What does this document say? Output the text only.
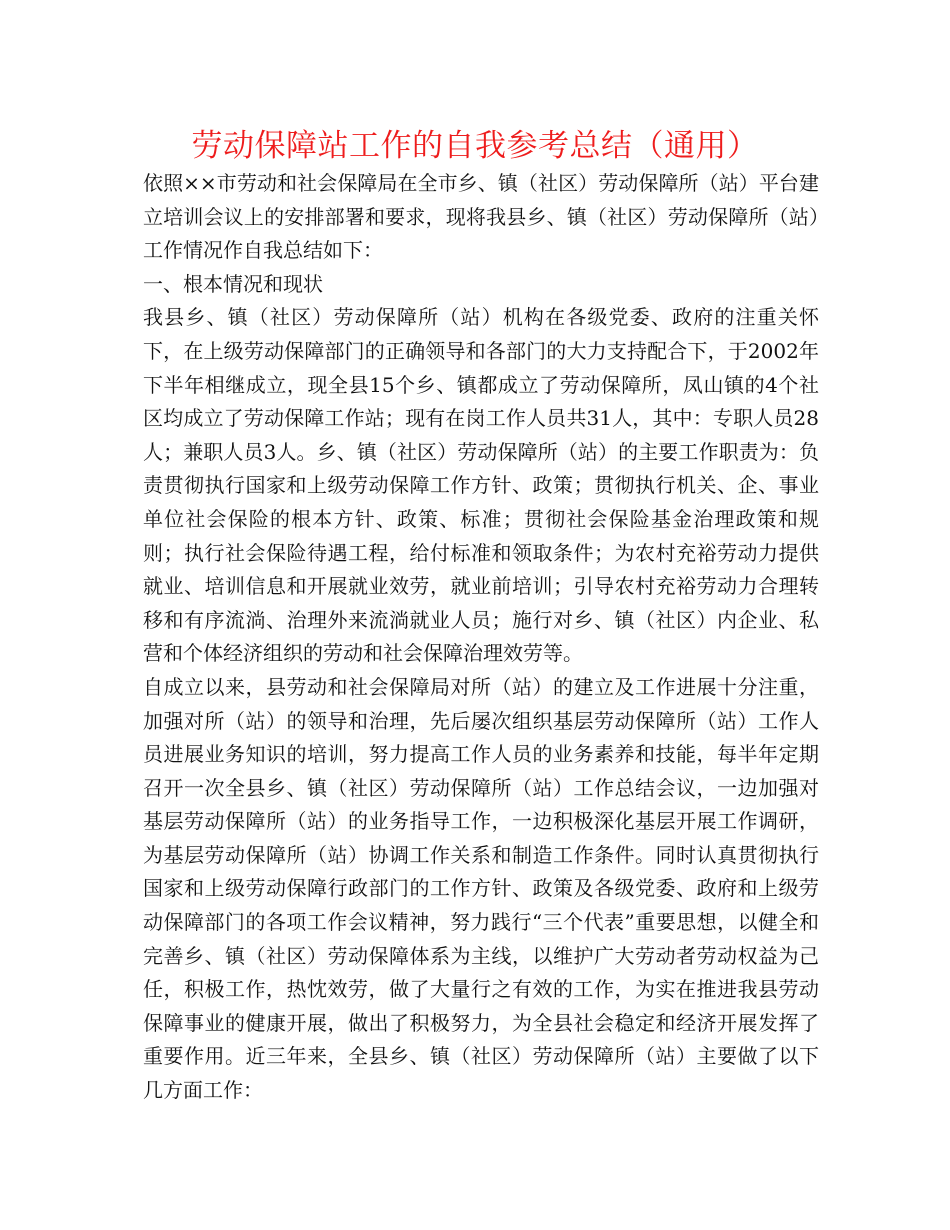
劳动保障站工作的自我参考总结（通用）

依照××市劳动和社会保障局在全市乡、镇（社区）劳动保障所（站）平台建立培训会议上的安排部署和要求，现将我县乡、镇（社区）劳动保障所（站）工作情况作自我总结如下：

一、根本情况和现状

我县乡、镇（社区）劳动保障所（站）机构在各级党委、政府的注重关怀下，在上级劳动保障部门的正确领导和各部门的大力支持配合下，于2002年下半年相继成立，现全县15个乡、镇都成立了劳动保障所，凤山镇的4个社区均成立了劳动保障工作站；现有在岗工作人员共31人，其中：专职人员28人；兼职人员3人。乡、镇（社区）劳动保障所（站）的主要工作职责为：负责贯彻执行国家和上级劳动保障工作方针、政策；贯彻执行机关、企、事业单位社会保险的根本方针、政策、标准；贯彻社会保险基金治理政策和规则；执行社会保险待遇工程，给付标准和领取条件；为农村充裕劳动力提供就业、培训信息和开展就业效劳，就业前培训；引导农村充裕劳动力合理转移和有序流淌、治理外来流淌就业人员；施行对乡、镇（社区）内企业、私营和个体经济组织的劳动和社会保障治理效劳等。

自成立以来，县劳动和社会保障局对所（站）的建立及工作进展十分注重，加强对所（站）的领导和治理，先后屡次组织基层劳动保障所（站）工作人员进展业务知识的培训，努力提高工作人员的业务素养和技能，每半年定期召开一次全县乡、镇（社区）劳动保障所（站）工作总结会议，一边加强对基层劳动保障所（站）的业务指导工作，一边积极深化基层开展工作调研，为基层劳动保障所（站）协调工作关系和制造工作条件。同时认真贯彻执行国家和上级劳动保障行政部门的工作方针、政策及各级党委、政府和上级劳动保障部门的各项工作会议精神，努力践行“三个代表”重要思想，以健全和完善乡、镇（社区）劳动保障体系为主线，以维护广大劳动者劳动权益为己任，积极工作，热忱效劳，做了大量行之有效的工作，为实在推进我县劳动保障事业的健康开展，做出了积极努力，为全县社会稳定和经济开展发挥了重要作用。近三年来，全县乡、镇（社区）劳动保障所（站）主要做了以下几方面工作：
